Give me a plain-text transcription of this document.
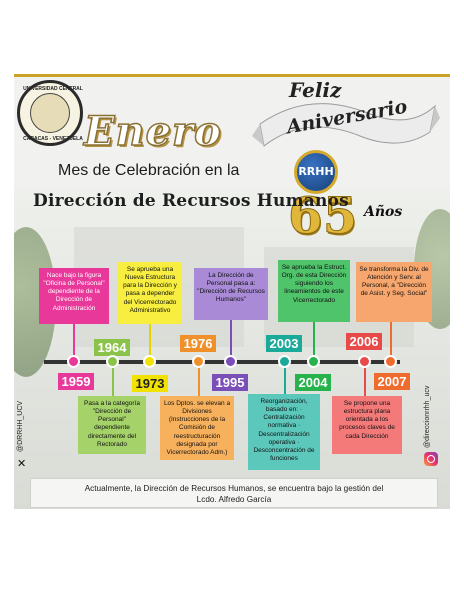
UNIVERSIDAD CENTRAL
CARACAS - VENEZUELA Enero
Mes de Celebración en la
Feliz
Aniversario
RRHH
65 Años
Dirección de Recursos Humanos
Nace bajo la figura "Oficina de Personal" dependiente de la Dirección de Administración
1959
1964
Pasa a la categoría "Dirección de Personal" dependiente directamente del Rectorado
Se aprueba una Nueva Estructura para la Dirección y pasa a depender del Vicerrectorado Administrativo
1973
1976
Los Dptos. se elevan a Divisiones (Instrucciones de la Comisión de reestructuración designada por Vicerrectorado Adm.)
La Dirección de Personal pasa a: "Dirección de Recursos Humanos"
1995
2003
Reorganización, basado en: · Centralización normativa · Descentralización operativa · Desconcentración de funciones
Se aprueba la Estruct. Org. de esta Dirección siguiendo los lineamientos de este Vicerrectorado
2004
2006
Se propone una estructura plana orientada a los procesos claves de cada Dirección
Se transforma la Div. de Atención y Serv. al Personal, a "Dirección de Asist. y Seg. Social"
2007
@DRRHH_UCV
✕
@direccionrrhh_ucv
Actualmente, la Dirección de Recursos Humanos, se encuentra bajo la gestión del
Lcdo. Alfredo García
